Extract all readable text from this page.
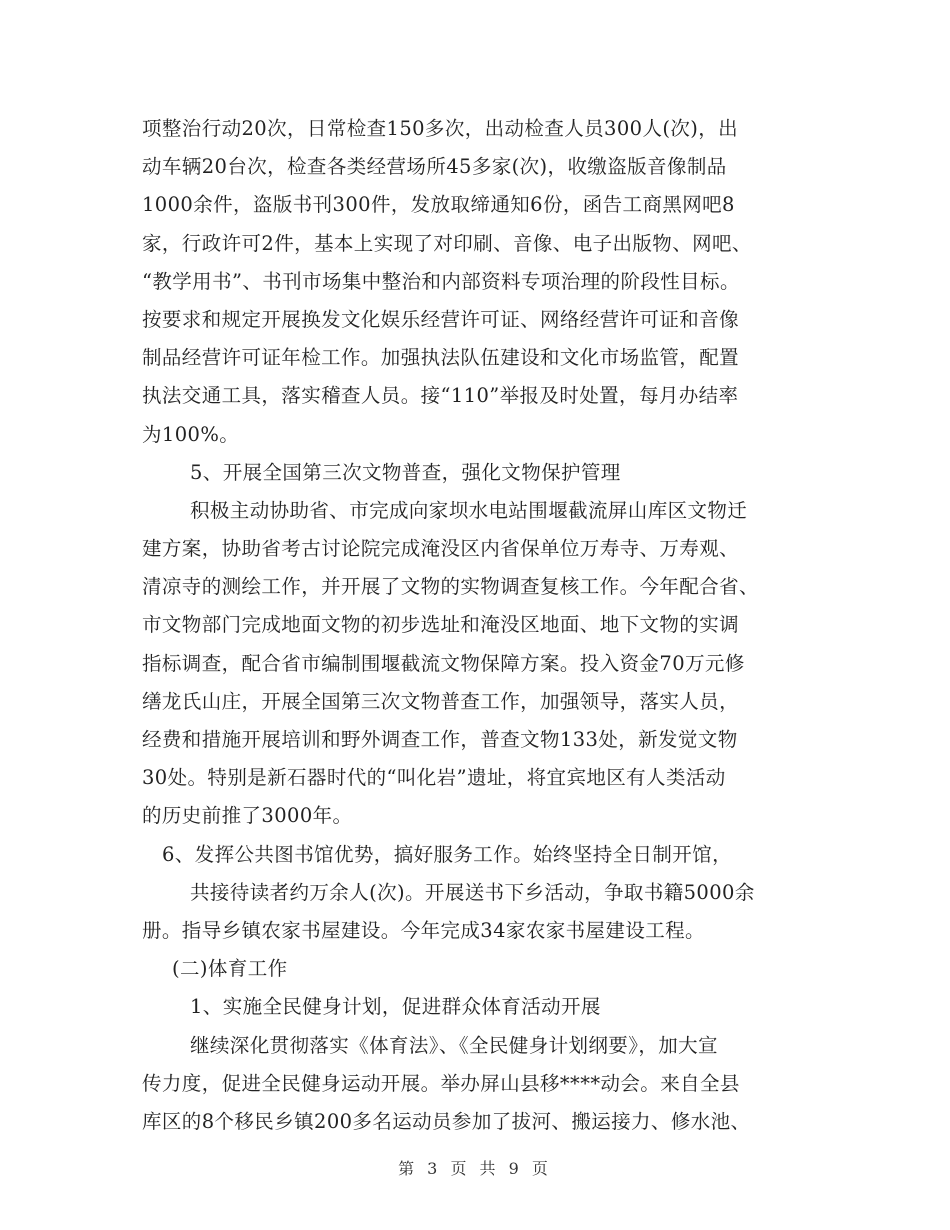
项整治行动20次，日常检查150多次，出动检查人员300人(次)，出
动车辆20台次，检查各类经营场所45多家(次)，收缴盗版音像制品
1000余件，盗版书刊300件，发放取缔通知6份，函告工商黑网吧8
家，行政许可2件，基本上实现了对印刷、音像、电子出版物、网吧、
“教学用书”、书刊市场集中整治和内部资料专项治理的阶段性目标。
按要求和规定开展换发文化娱乐经营许可证、网络经营许可证和音像
制品经营许可证年检工作。加强执法队伍建设和文化市场监管，配置
执法交通工具，落实稽查人员。接“110”举报及时处置，每月办结率
为100%。
5、开展全国第三次文物普查，强化文物保护管理
积极主动协助省、市完成向家坝水电站围堰截流屏山库区文物迁
建方案，协助省考古讨论院完成淹没区内省保单位万寿寺、万寿观、
清凉寺的测绘工作，并开展了文物的实物调查复核工作。今年配合省、
市文物部门完成地面文物的初步选址和淹没区地面、地下文物的实调
指标调查，配合省市编制围堰截流文物保障方案。投入资金70万元修
缮龙氏山庄，开展全国第三次文物普查工作，加强领导，落实人员，
经费和措施开展培训和野外调查工作，普查文物133处，新发觉文物
30处。特别是新石器时代的“叫化岩”遗址，将宜宾地区有人类活动
的历史前推了3000年。
6、发挥公共图书馆优势，搞好服务工作。始终坚持全日制开馆，
共接待读者约万余人(次)。开展送书下乡活动，争取书籍5000余
册。指导乡镇农家书屋建设。今年完成34家农家书屋建设工程。
(二)体育工作
1、实施全民健身计划，促进群众体育活动开展
继续深化贯彻落实《体育法》、《全民健身计划纲要》，加大宣
传力度，促进全民健身运动开展。举办屏山县移****动会。来自全县
库区的8个移民乡镇200多名运动员参加了拔河、搬运接力、修水池、
第 3 页 共 9 页
